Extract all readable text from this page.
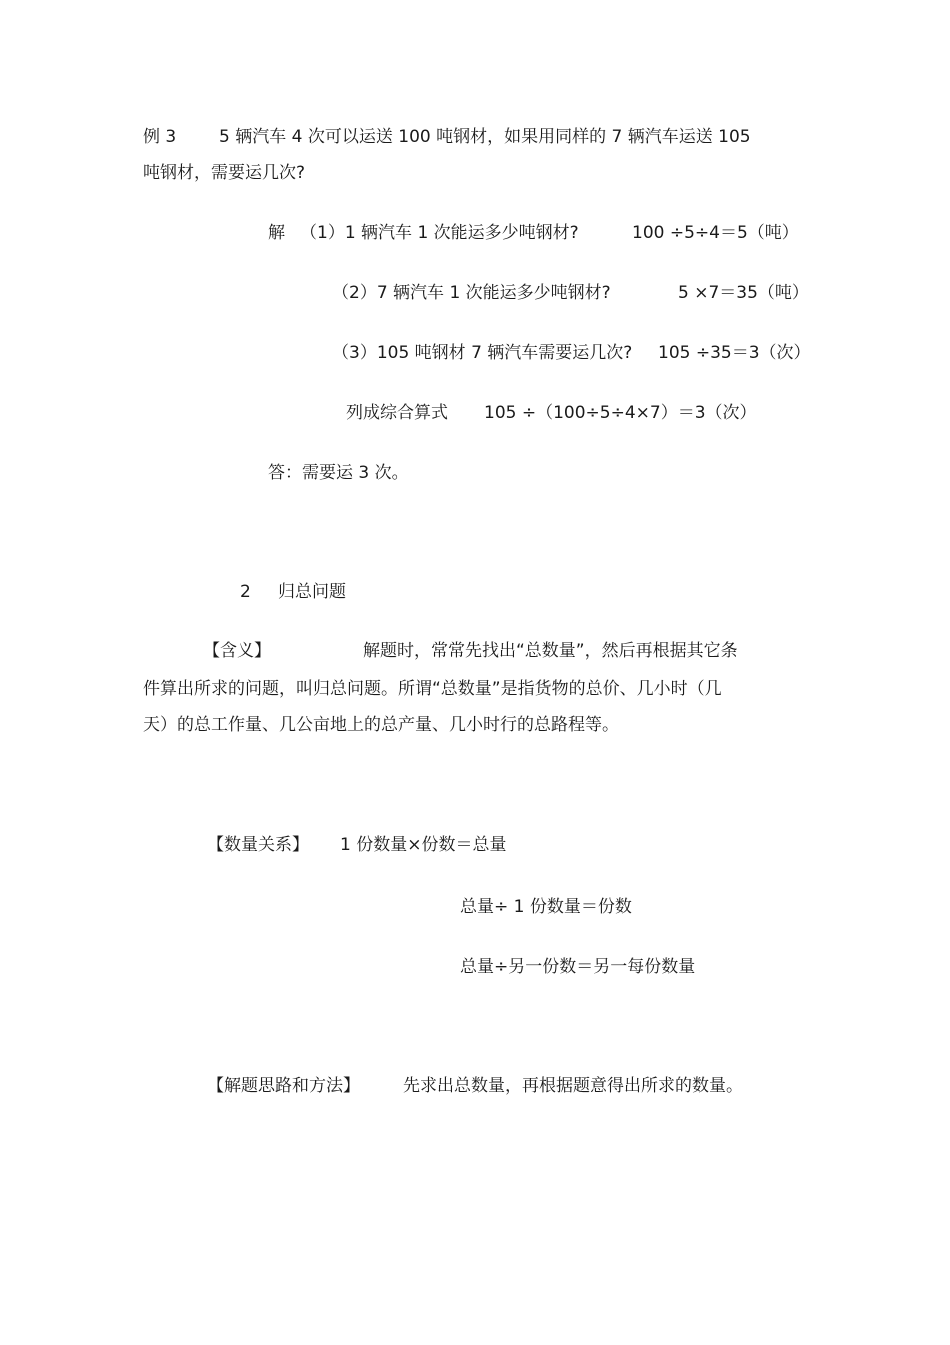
例 3	5 辆汽车 4 次可以运送 100 吨钢材，如果用同样的 7 辆汽车运送 105
吨钢材，需要运几次?
解 （1）1 辆汽车 1 次能运多少吨钢材?	100 ÷5÷4＝5（吨）
（2）7 辆汽车 1 次能运多少吨钢材?	5 ×7＝35（吨）
（3）105 吨钢材 7 辆汽车需要运几次? 105 ÷35＝3（次）
列成综合算式 105 ÷（100÷5÷4×7）＝3（次）
答：需要运 3 次。
2 归总问题
【含义】	解题时，常常先找出“总数量”，然后再根据其它条
件算出所求的问题，叫归总问题。所谓“总数量”是指货物的总价、几小时（几
天）的总工作量、几公亩地上的总产量、几小时行的总路程等。
【数量关系】 1 份数量×份数＝总量
总量÷ 1 份数量＝份数
总量÷另一份数＝另一每份数量
【解题思路和方法】	先求出总数量，再根据题意得出所求的数量。
